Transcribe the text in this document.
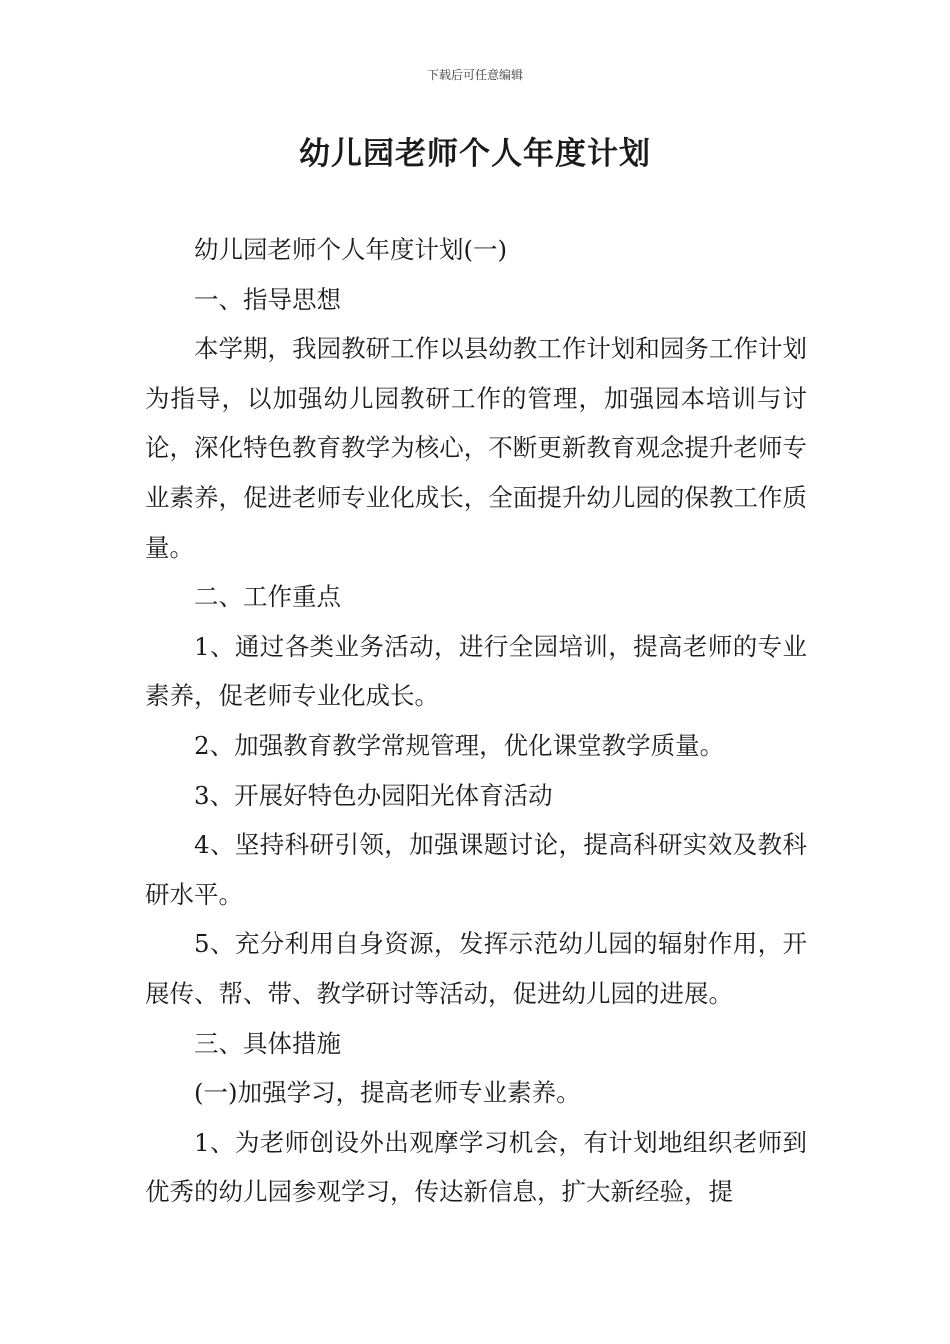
下载后可任意编辑
幼儿园老师个人年度计划

幼儿园老师个人年度计划(一)

一、指导思想

本学期，我园教研工作以县幼教工作计划和园务工作计划为指导，以加强幼儿园教研工作的管理，加强园本培训与讨论，深化特色教育教学为核心，不断更新教育观念提升老师专业素养，促进老师专业化成长，全面提升幼儿园的保教工作质量。

二、工作重点

1、通过各类业务活动，进行全园培训，提高老师的专业素养，促老师专业化成长。

2、加强教育教学常规管理，优化课堂教学质量。

3、开展好特色办园阳光体育活动

4、坚持科研引领，加强课题讨论，提高科研实效及教科研水平。

5、充分利用自身资源，发挥示范幼儿园的辐射作用，开展传、帮、带、教学研讨等活动，促进幼儿园的进展。

三、具体措施

(一)加强学习，提高老师专业素养。

1、为老师创设外出观摩学习机会，有计划地组织老师到优秀的幼儿园参观学习，传达新信息，扩大新经验，提
